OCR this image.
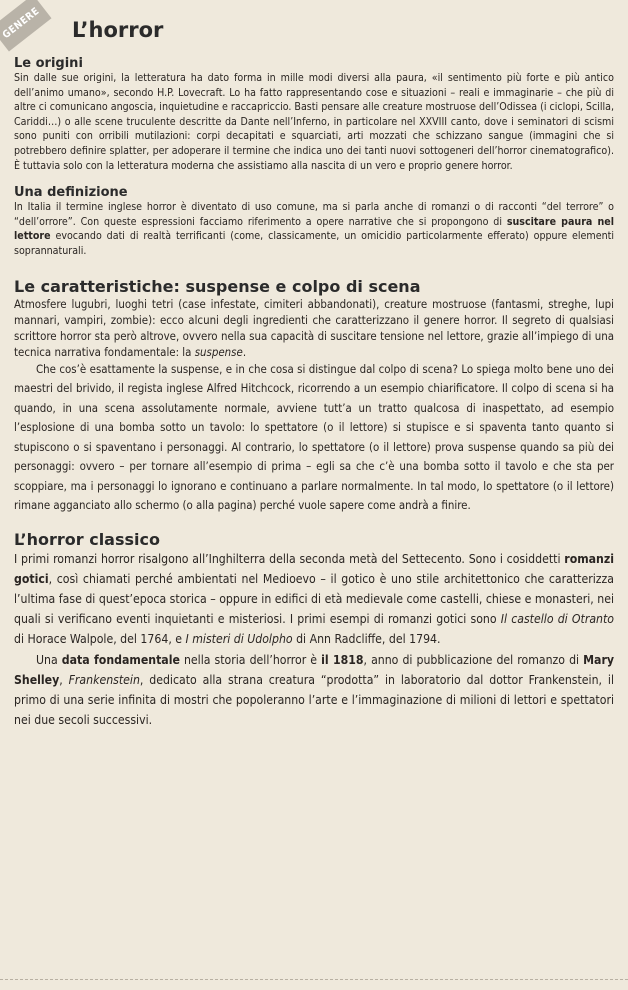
GENERE	L’horror
Le origini

Sin dalle sue origini, la letteratura ha dato forma in mille modi diversi alla paura, «il sentimento più forte e più antico dell’animo umano», secondo H.P. Lovecraft. Lo ha fatto rappresentando cose e situazioni – reali e immaginarie – che più di altre ci comunicano angoscia, inquietudine e raccapriccio. Basti pensare alle creature mostruose dell’Odissea (i ciclopi, Scilla, Cariddi…) o alle scene truculente descritte da Dante nell’Inferno, in particolare nel XXVIII canto, dove i seminatori di scismi sono puniti con orribili mutilazioni: corpi decapitati e squarciati, arti mozzati che schizzano sangue (immagini che si potrebbero definire splatter, per adoperare il termine che indica uno dei tanti nuovi sottogeneri dell’horror cinematografico). È tuttavia solo con la letteratura moderna che assistiamo alla nascita di un vero e proprio genere horror.

Una definizione

In Italia il termine inglese horror è diventato di uso comune, ma si parla anche di romanzi o di racconti “del terrore” o “dell’orrore”. Con queste espressioni facciamo riferimento a opere narrative che si propongono di suscitare paura nel lettore evocando dati di realtà terrificanti (come, classicamente, un omicidio particolarmente efferato) oppure elementi soprannaturali.

Le caratteristiche: suspense e colpo di scena

Atmosfere lugubri, luoghi tetri (case infestate, cimiteri abbandonati), creature mostruose (fantasmi, streghe, lupi mannari, vampiri, zombie): ecco alcuni degli ingredienti che caratterizzano il genere horror. Il segreto di qualsiasi scrittore horror sta però altrove, ovvero nella sua capacità di suscitare tensione nel lettore, grazie all’impiego di una tecnica narrativa fondamentale: la suspense.

Che cos’è esattamente la suspense, e in che cosa si distingue dal colpo di scena? Lo spiega molto bene uno dei maestri del brivido, il regista inglese Alfred Hitchcock, ricorrendo a un esempio chiarificatore. Il colpo di scena si ha quando, in una scena assolutamente normale, avviene tutt’a un tratto qualcosa di inaspettato, ad esempio l’esplosione di una bomba sotto un tavolo: lo spettatore (o il lettore) si stupisce e si spaventa tanto quanto si stupiscono o si spaventano i personaggi. Al contrario, lo spettatore (o il lettore) prova suspense quando sa più dei personaggi: ovvero – per tornare all’esempio di prima – egli sa che c’è una bomba sotto il tavolo e che sta per scoppiare, ma i personaggi lo ignorano e continuano a parlare normalmente. In tal modo, lo spettatore (o il lettore) rimane agganciato allo schermo (o alla pagina) perché vuole sapere come andrà a finire.

L’horror classico

I primi romanzi horror risalgono all’Inghilterra della seconda metà del Settecento. Sono i cosiddetti romanzi gotici, così chiamati perché ambientati nel Medioevo – il gotico è uno stile architettonico che caratterizza l’ultima fase di quest’epoca storica – oppure in edifici di età medievale come castelli, chiese e monasteri, nei quali si verificano eventi inquietanti e misteriosi. I primi esempi di romanzi gotici sono Il castello di Otranto di Horace Walpole, del 1764, e I misteri di Udolpho di Ann Radcliffe, del 1794.

Una data fondamentale nella storia dell’horror è il 1818, anno di pubblicazione del romanzo di Mary Shelley, Frankenstein, dedicato alla strana creatura “prodotta” in laboratorio dal dottor Frankenstein, il primo di una serie infinita di mostri che popoleranno l’arte e l’immaginazione di milioni di lettori e spettatori nei due secoli successivi.
